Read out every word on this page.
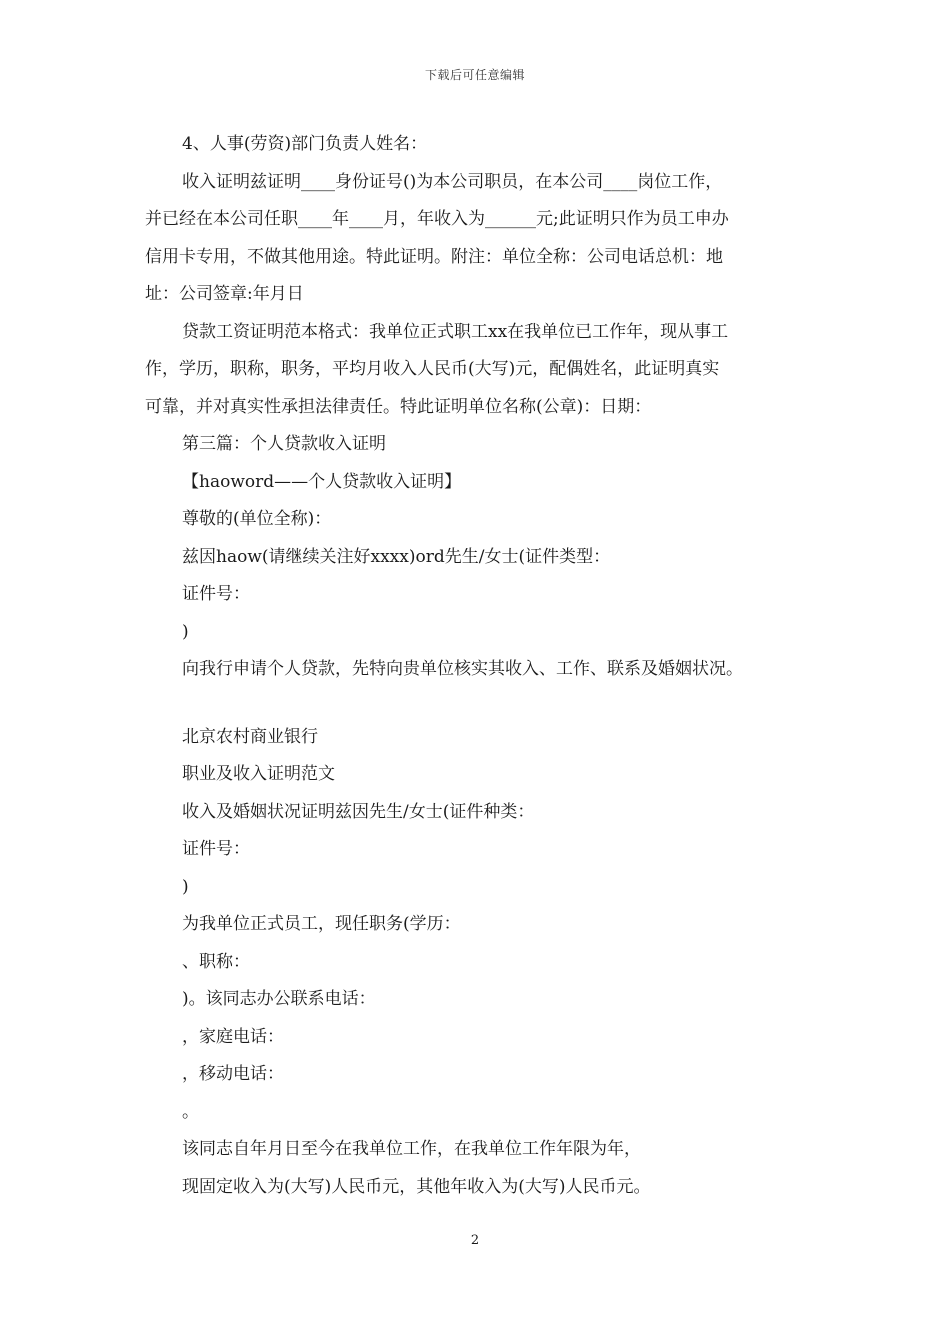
下载后可任意编辑

4、人事(劳资)部门负责人姓名：

收入证明兹证明____身份证号()为本公司职员，在本公司____岗位工作，

并已经在本公司任职____年____月，年收入为______元;此证明只作为员工申办

信用卡专用，不做其他用途。特此证明。附注：单位全称：公司电话总机：地

址：公司签章:年月日

贷款工资证明范本格式：我单位正式职工xx在我单位已工作年，现从事工

作，学历，职称，职务，平均月收入人民币(大写)元，配偶姓名，此证明真实

可靠，并对真实性承担法律责任。特此证明单位名称(公章)：日期：

第三篇：个人贷款收入证明

【haoword——个人贷款收入证明】

尊敬的(单位全称)：

兹因haow(请继续关注好xxxx)ord先生/女士(证件类型：

证件号：

)

向我行申请个人贷款，先特向贵单位核实其收入、工作、联系及婚姻状况。

北京农村商业银行

职业及收入证明范文

收入及婚姻状况证明兹因先生/女士(证件种类：

证件号：

)

为我单位正式员工，现任职务(学历：

、职称：

)。该同志办公联系电话：

，家庭电话：

，移动电话：

。

该同志自年月日至今在我单位工作，在我单位工作年限为年，

现固定收入为(大写)人民币元，其他年收入为(大写)人民币元。

2
